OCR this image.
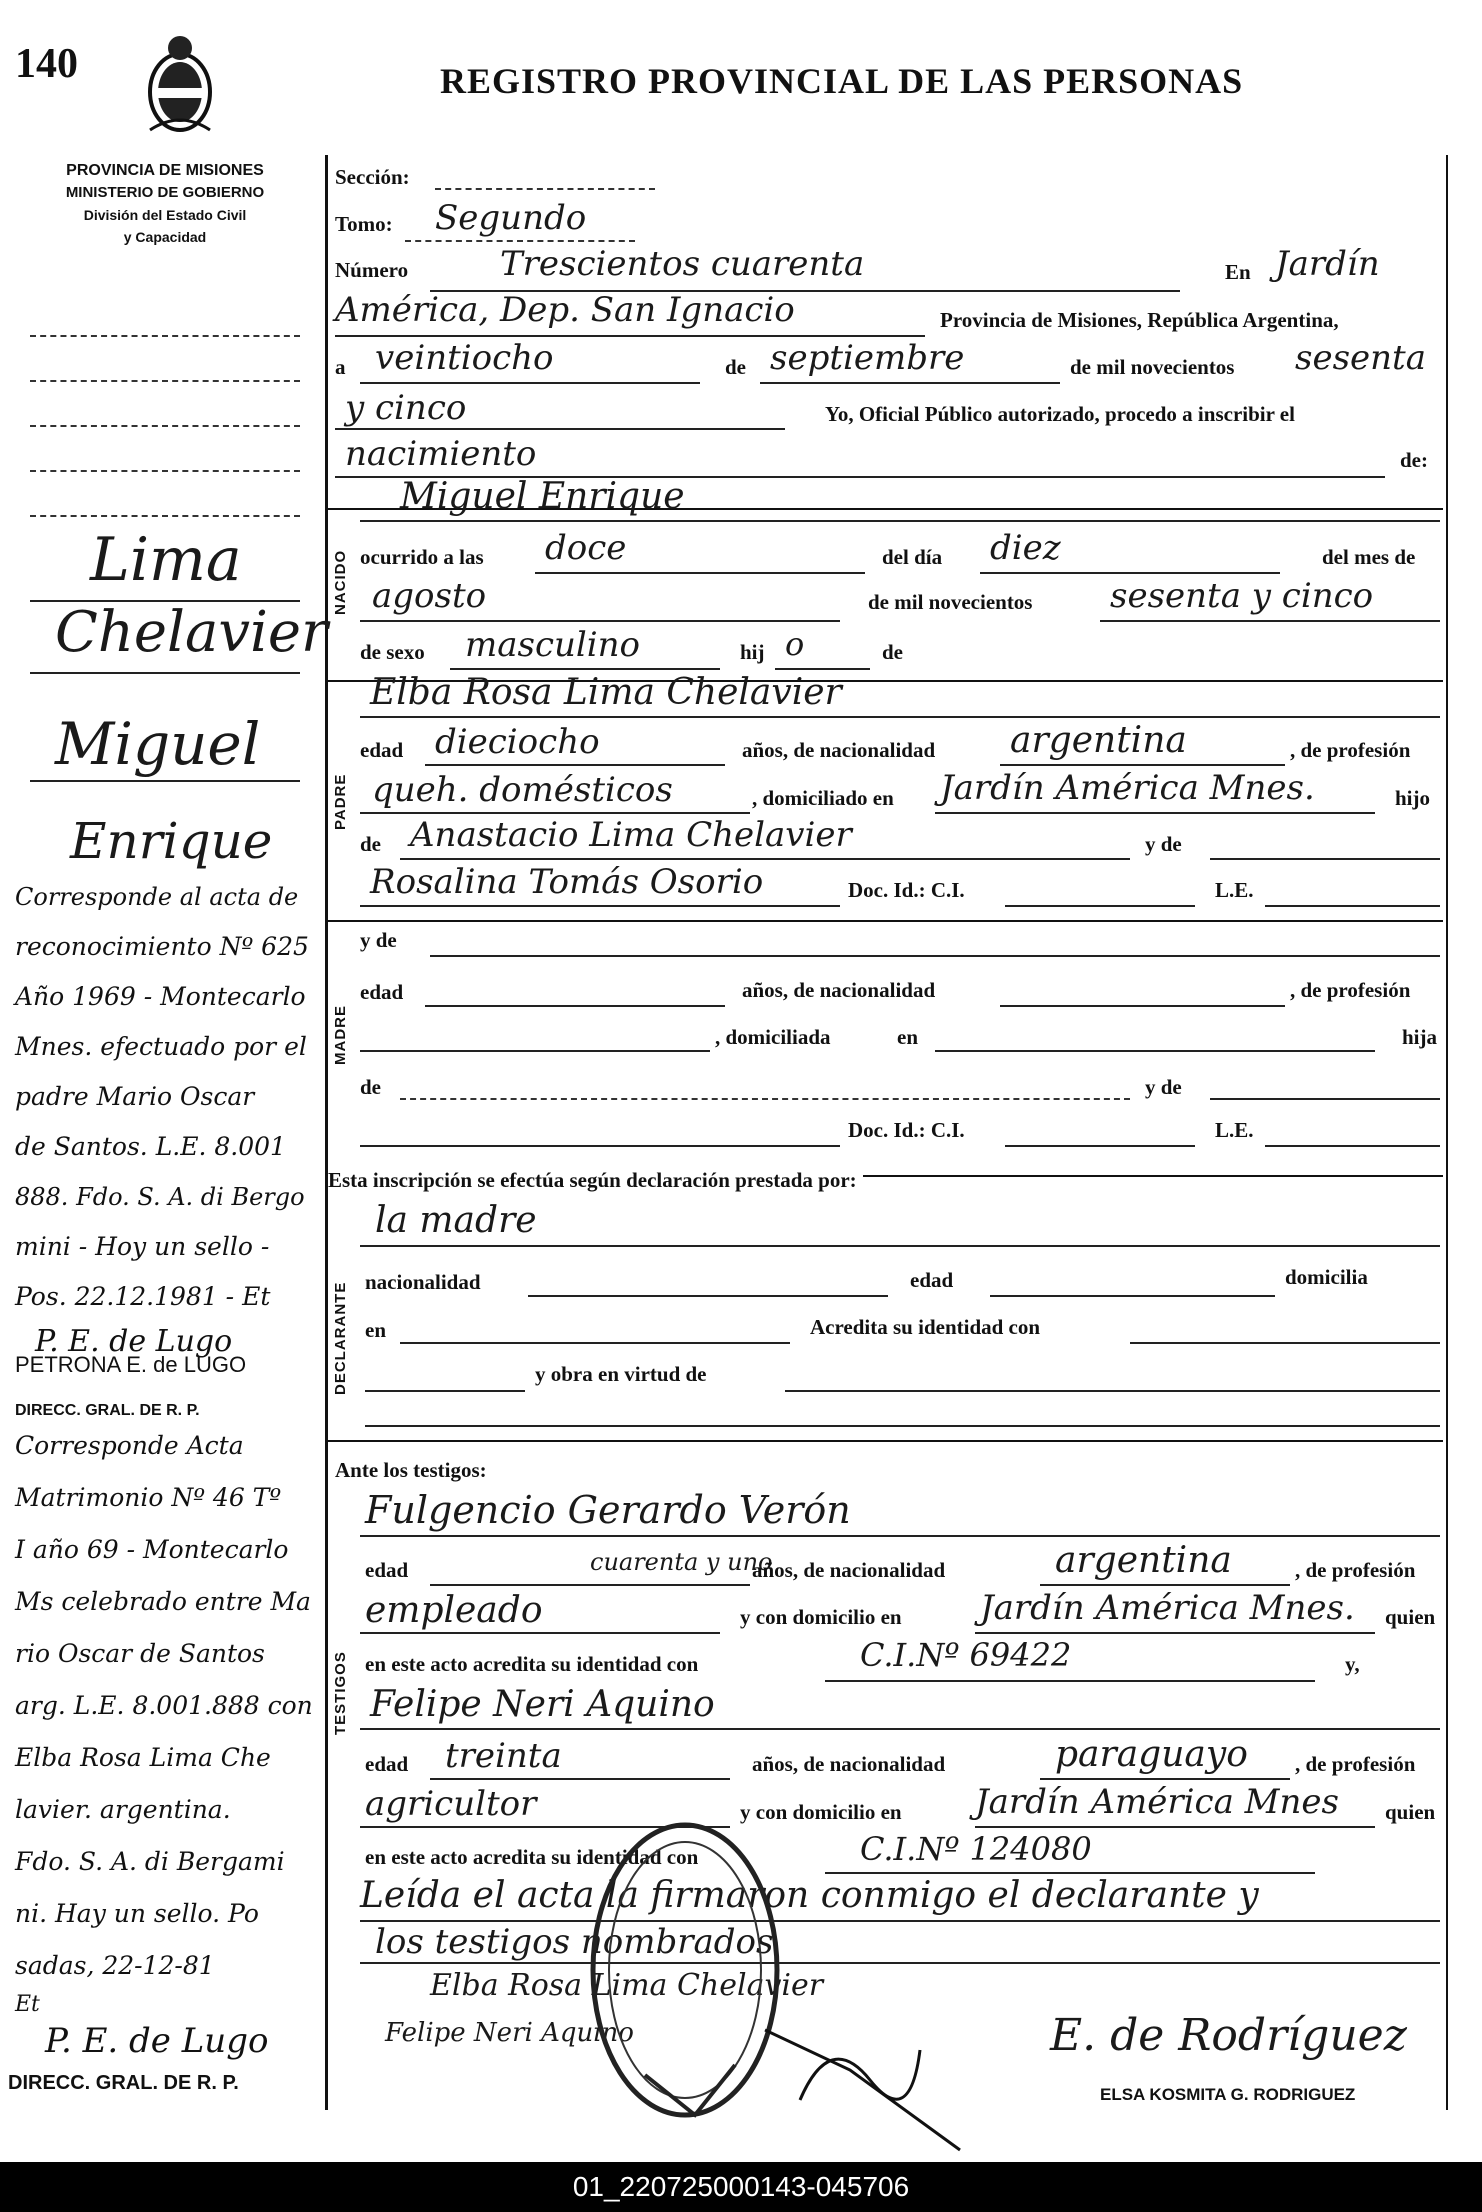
140	REGISTRO PROVINCIAL DE LAS PERSONAS
PROVINCIA DE MISIONES
MINISTERIO DE GOBIERNO
División del Estado Civil
y Capacidad
NACIDO
PADRE
MADRE
DECLARANTE
TESTIGOS
Sección:
Tomo: Segundo
Número	Trescientos cuarenta	En Jardín
América, Dep. San Ignacio	Provincia de Misiones, República Argentina,
a veintiocho	de septiembre	de mil novecientos sesenta
y cinco	Yo, Oficial Público autorizado, procedo a inscribir el
nacimiento	de:
Miguel Enrique
ocurrido a las doce	del día diez	del mes de
agosto	de mil novecientos sesenta y cinco
de sexo masculino	hij o	de
Elba Rosa Lima Chelavier
edad dieciocho	años, de nacionalidad argentina	, de profesión
queh. domésticos	, domiciliado en Jardín América Mnes.	hijo
de Anastacio Lima Chelavier	y de
Rosalina Tomás Osorio	Doc. Id.: C.I.	L.E.
y de
edad	años, de nacionalidad	, de profesión
, domiciliada	en	hija
de	y de
Doc. Id.: C.I.	L.E.
Esta inscripción se efectúa según declaración prestada por:
la madre
nacionalidad	edad	domicilia
en	Acredita su identidad con
y obra en virtud de
Ante los testigos:
Fulgencio Gerardo Verón
edad	cuarenta y uno
años, de nacionalidad	argentina	, de profesión
empleado	y con domicilio en Jardín América Mnes. quien
en este acto acredita su identidad con	C.I.Nº 69422	y,
Felipe Neri Aquino
edad treinta	años, de nacionalidad	paraguayo , de profesión
agricultor	y con domicilio en Jardín América Mnes quien
en este acto acredita su identidad con	C.I.Nº 124080
Leída el acta la firmaron conmigo el declarante y
los testigos nombrados
Elba Rosa Lima Chelavier
Felipe Neri Aquino	E. de Rodríguez
ELSA KOSMITA G. RODRIGUEZ
Lima
Chelavier
Miguel
Enrique
Corresponde al acta de
reconocimiento Nº 625
Año 1969 - Montecarlo
Mnes. efectuado por el
padre Mario Oscar
de Santos. L.E. 8.001
888. Fdo. S. A. di Bergo
mini - Hoy un sello -
Pos. 22.12.1981 - Et
P. E. de Lugo
PETRONA E. de LUGO
DIRECC. GRAL. DE R. P.
Corresponde Acta
Matrimonio Nº 46 Tº
I año 69 - Montecarlo
Ms celebrado entre Ma
rio Oscar de Santos
arg. L.E. 8.001.888 con
Elba Rosa Lima Che
lavier. argentina.
Fdo. S. A. di Bergami
ni. Hay un sello. Po
sadas, 22-12-81
Et
P. E. de Lugo
DIRECC. GRAL. DE R. P.
01_220725000143-045706
